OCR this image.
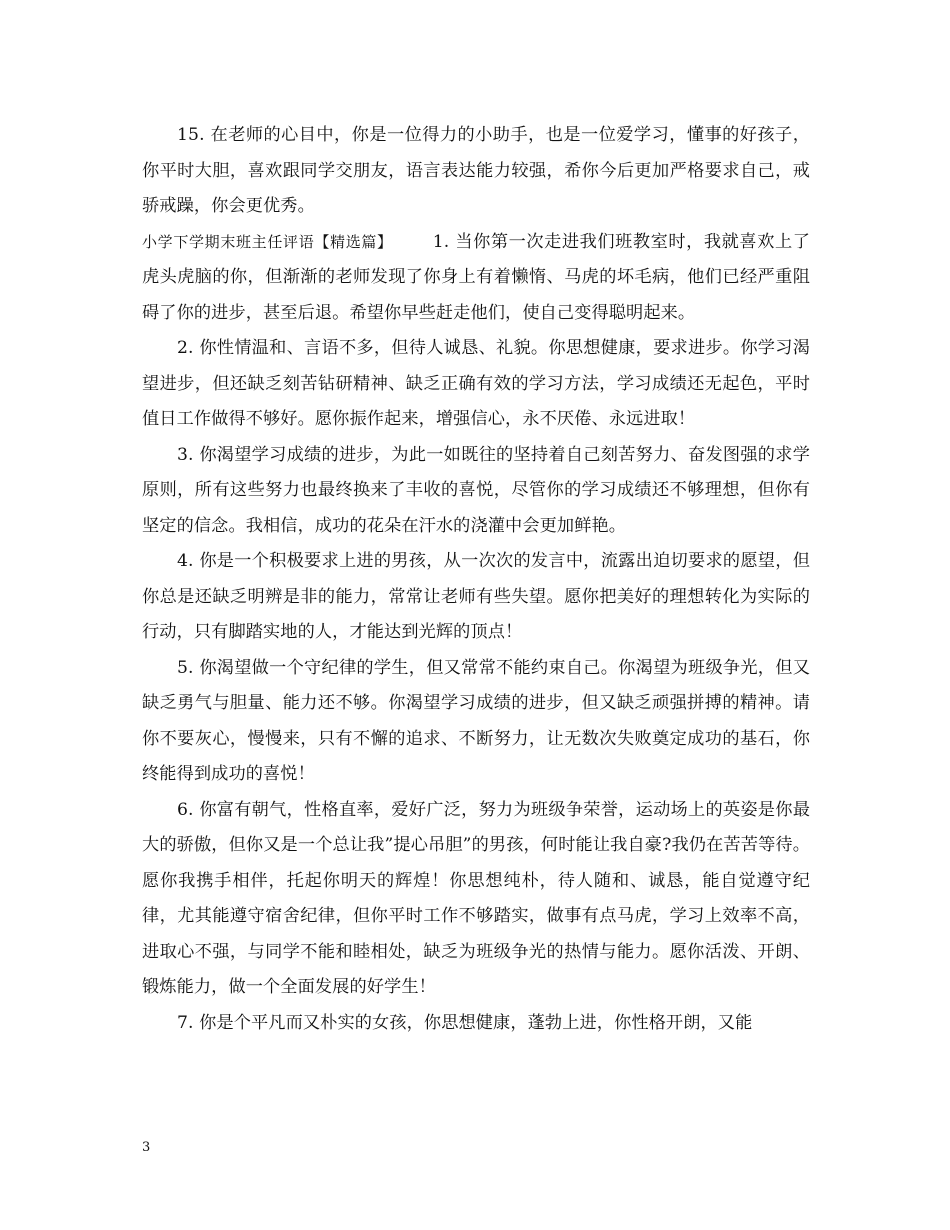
15. 在老师的心目中，你是一位得力的小助手，也是一位爱学习，懂事的好孩子，你平时大胆，喜欢跟同学交朋友，语言表达能力较强，希你今后更加严格要求自己，戒骄戒躁，你会更优秀。

小学下学期末班主任评语【精选篇】 1. 当你第一次走进我们班教室时，我就喜欢上了虎头虎脑的你，但渐渐的老师发现了你身上有着懒惰、马虎的坏毛病，他们已经严重阻碍了你的进步，甚至后退。希望你早些赶走他们，使自己变得聪明起来。

2. 你性情温和、言语不多，但待人诚恳、礼貌。你思想健康，要求进步。你学习渴望进步，但还缺乏刻苦钻研精神、缺乏正确有效的学习方法，学习成绩还无起色，平时值日工作做得不够好。愿你振作起来，增强信心，永不厌倦、永远进取！

3. 你渴望学习成绩的进步，为此一如既往的坚持着自己刻苦努力、奋发图强的求学原则，所有这些努力也最终换来了丰收的喜悦，尽管你的学习成绩还不够理想，但你有坚定的信念。我相信，成功的花朵在汗水的浇灌中会更加鲜艳。

4. 你是一个积极要求上进的男孩，从一次次的发言中，流露出迫切要求的愿望，但你总是还缺乏明辨是非的能力，常常让老师有些失望。愿你把美好的理想转化为实际的行动，只有脚踏实地的人，才能达到光辉的顶点！

5. 你渴望做一个守纪律的学生，但又常常不能约束自己。你渴望为班级争光，但又缺乏勇气与胆量、能力还不够。你渴望学习成绩的进步，但又缺乏顽强拼搏的精神。请你不要灰心，慢慢来，只有不懈的追求、不断努力，让无数次失败奠定成功的基石，你终能得到成功的喜悦！

6. 你富有朝气，性格直率，爱好广泛，努力为班级争荣誉，运动场上的英姿是你最大的骄傲，但你又是一个总让我”提心吊胆”的男孩，何时能让我自豪?我仍在苦苦等待。愿你我携手相伴，托起你明天的辉煌！你思想纯朴，待人随和、诚恳，能自觉遵守纪律，尤其能遵守宿舍纪律，但你平时工作不够踏实，做事有点马虎，学习上效率不高，进取心不强，与同学不能和睦相处，缺乏为班级争光的热情与能力。愿你活泼、开朗、锻炼能力，做一个全面发展的好学生！

7. 你是个平凡而又朴实的女孩，你思想健康，蓬勃上进，你性格开朗，又能

3
